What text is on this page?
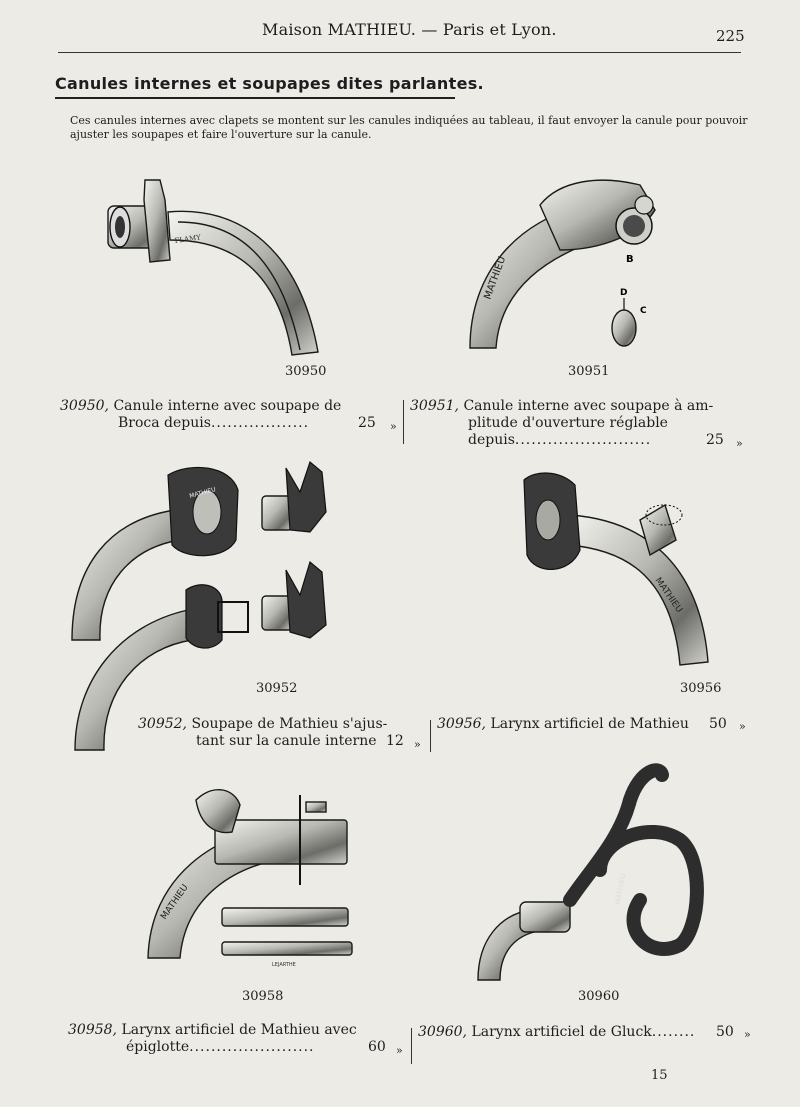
Maison MATHIEU. — Paris et Lyon.	225
Canules internes et soupapes dites parlantes.
Ces canules internes avec clapets se montent sur les canules indiquées au tableau, il faut envoyer la canule pour pouvoir ajuster les soupapes et faire l'ouverture sur la canule.
FLAMY
MATHIEU	B
D
C
MATHIEU
MATHIEU
MATHIEU
LEJARTHE
MATHIEU
30950	30951
30952	30956
30958	30960
30950, Canule interne avec soupape de
Broca depuis..................	25 »
30951, Canule interne avec soupape à am-
plitude d'ouverture réglable
depuis.........................	25 »
30952, Soupape de Mathieu s'ajus-
tant sur la canule interne 12 »
30956, Larynx artificiel de Mathieu 50 »
30958, Larynx artificiel de Mathieu avec
épiglotte.......................	60 »
30960, Larynx artificiel de Gluck........ 50 »
15
